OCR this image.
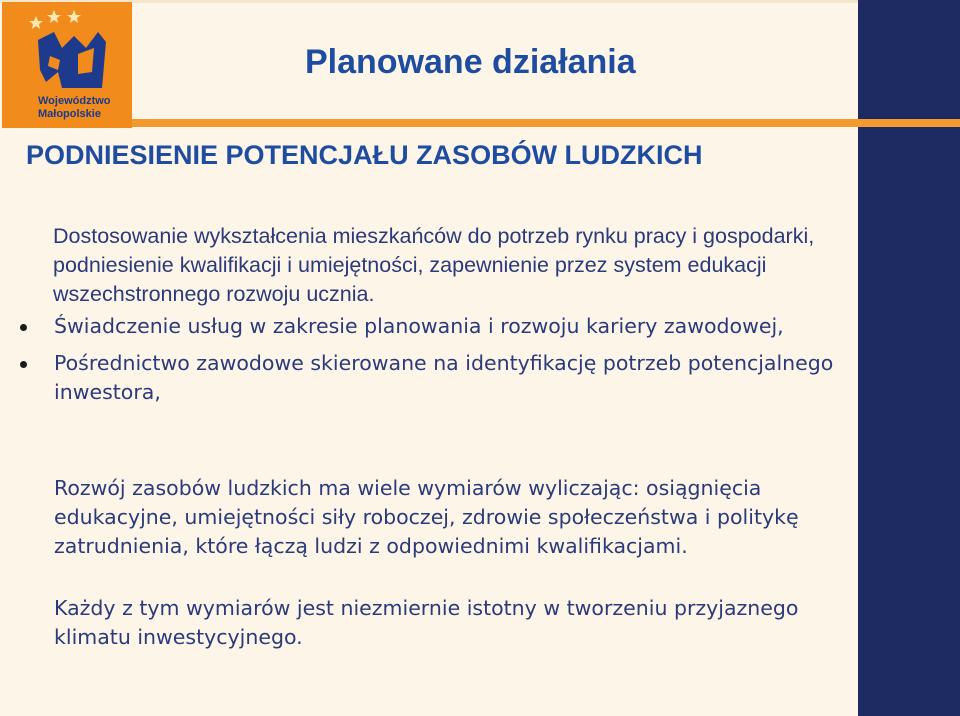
Województwo
Małopolskie
Planowane działania
PODNIESIENIE POTENCJAŁU ZASOBÓW LUDZKICH

Dostosowanie wykształcenia mieszkańców do potrzeb rynku pracy i gospodarki, podniesienie kwalifikacji i umiejętności, zapewnienie przez system edukacji wszechstronnego rozwoju ucznia.

Świadczenie usług w zakresie planowania i rozwoju kariery zawodowej,
Pośrednictwo zawodowe skierowane na identyfikację potrzeb potencjalnego inwestora,

Rozwój zasobów ludzkich ma wiele wymiarów wyliczając: osiągnięcia edukacyjne, umiejętności siły roboczej, zdrowie społeczeństwa i politykę zatrudnienia, które łączą ludzi z odpowiednimi kwalifikacjami.

Każdy z tym wymiarów jest niezmiernie istotny w tworzeniu przyjaznego klimatu inwestycyjnego.
